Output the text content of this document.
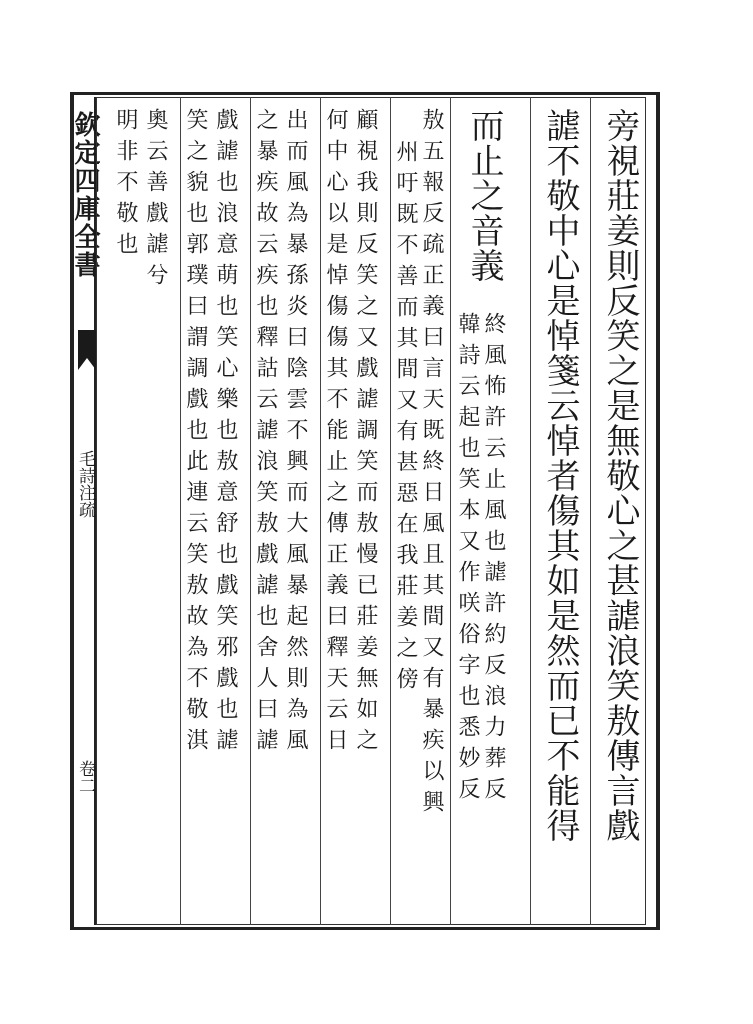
欽定四庫全書
毛詩注疏
卷二	旁視莊姜則反笑之是無敬心之甚謔浪笑敖傳言戲
謔不敬中心是悼箋云悼者傷其如是然而已不能得
而止之音義
終風怖許云止風也謔許約反浪力葬反
韓詩云起也笑本又作咲俗字也悉妙反
敖五報反疏正義曰言天既終日風且其間又有暴疾以興
州吁既不善而其間又有甚惡在我莊姜之傍
顧視我則反笑之又戲謔調笑而敖慢已莊姜無如之
何中心以是悼傷傷其不能止之傳正義曰釋天云日
出而風為暴孫炎曰陰雲不興而大風暴起然則為風
之暴疾故云疾也釋詁云謔浪笑敖戲謔也舍人曰謔
戲謔也浪意萌也笑心樂也敖意舒也戲笑邪戲也謔
笑之貌也郭璞曰謂調戲也此連云笑敖故為不敬淇
奧云善戲謔兮
明非不敬也
